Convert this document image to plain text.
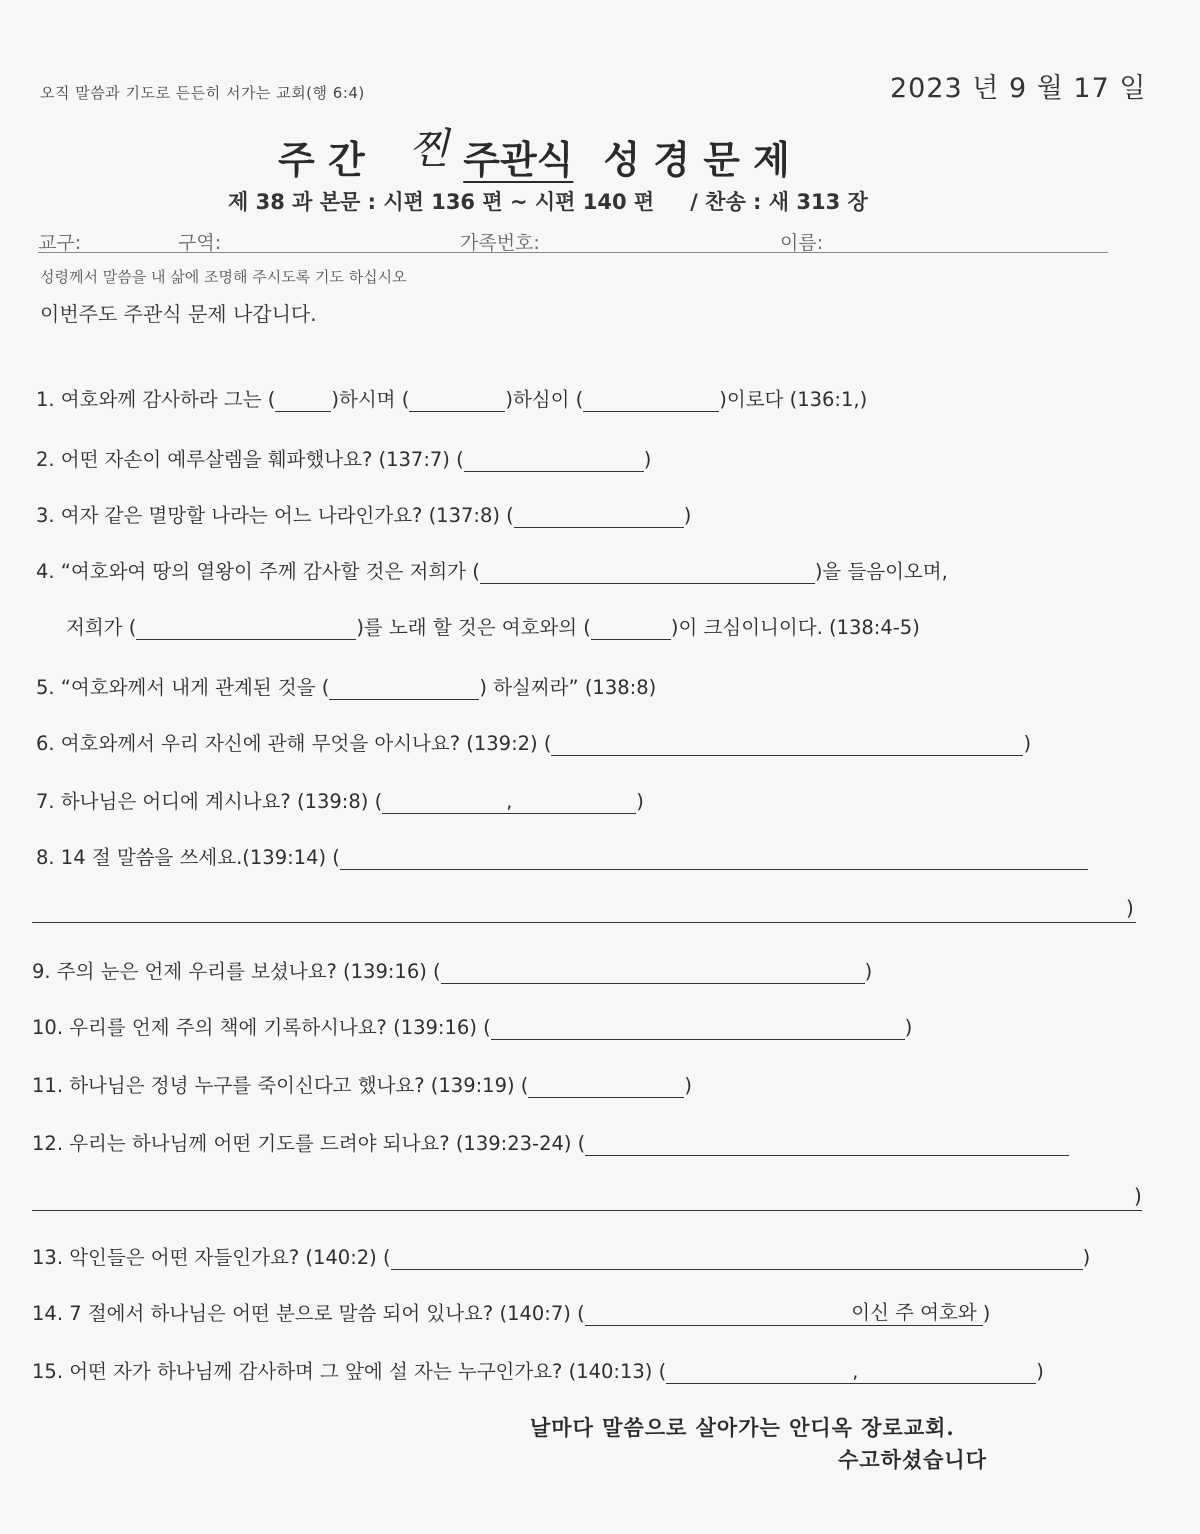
오직 말씀과 기도로 든든히 서가는 교회(행 6:4)	2023 년 9 월 17 일
주 간 찐 주관식 성 경 문 제
제 38 과 본문 : 시편 136 편 ~ 시편 140 편 / 찬송 : 새 313 장
교구:	구역:	가족번호:	이름:
성령께서 말씀을 내 삶에 조명해 주시도록 기도 하십시오
이번주도 주관식 문제 나갑니다.
1. 여호와께 감사하라 그는 (	)하시며 (	)하심이 (	)이로다 (136:1,)
2. 어떤 자손이 예루살렘을 훼파했나요? (137:7) (	)
3. 여자 같은 멸망할 나라는 어느 나라인가요? (137:8) (	)
4. “여호와여 땅의 열왕이 주께 감사할 것은 저희가 (	)을 들음이오며,
저희가 (	)를 노래 할 것은 여호와의 (	)이 크심이니이다. (138:4-5)
5. “여호와께서 내게 관계된 것을 (	) 하실찌라” (138:8)
6. 여호와께서 우리 자신에 관해 무엇을 아시나요? (139:2) (	)
7. 하나님은 어디에 계시나요? (139:8) (	,	)
8. 14 절 말씀을 쓰세요.(139:14) (
)
9. 주의 눈은 언제 우리를 보셨나요? (139:16) (	)
10. 우리를 언제 주의 책에 기록하시나요? (139:16) (	)
11. 하나님은 정녕 누구를 죽이신다고 했나요? (139:19) (	)
12. 우리는 하나님께 어떤 기도를 드려야 되나요? (139:23-24) (
)
13. 악인들은 어떤 자들인가요? (140:2) (	)
14. 7 절에서 하나님은 어떤 분으로 말씀 되어 있나요? (140:7) (	이신 주 여호와 )
15. 어떤 자가 하나님께 감사하며 그 앞에 설 자는 누구인가요? (140:13) (	,	)
날마다 말씀으로 살아가는 안디옥 장로교회.
수고하셨습니다
